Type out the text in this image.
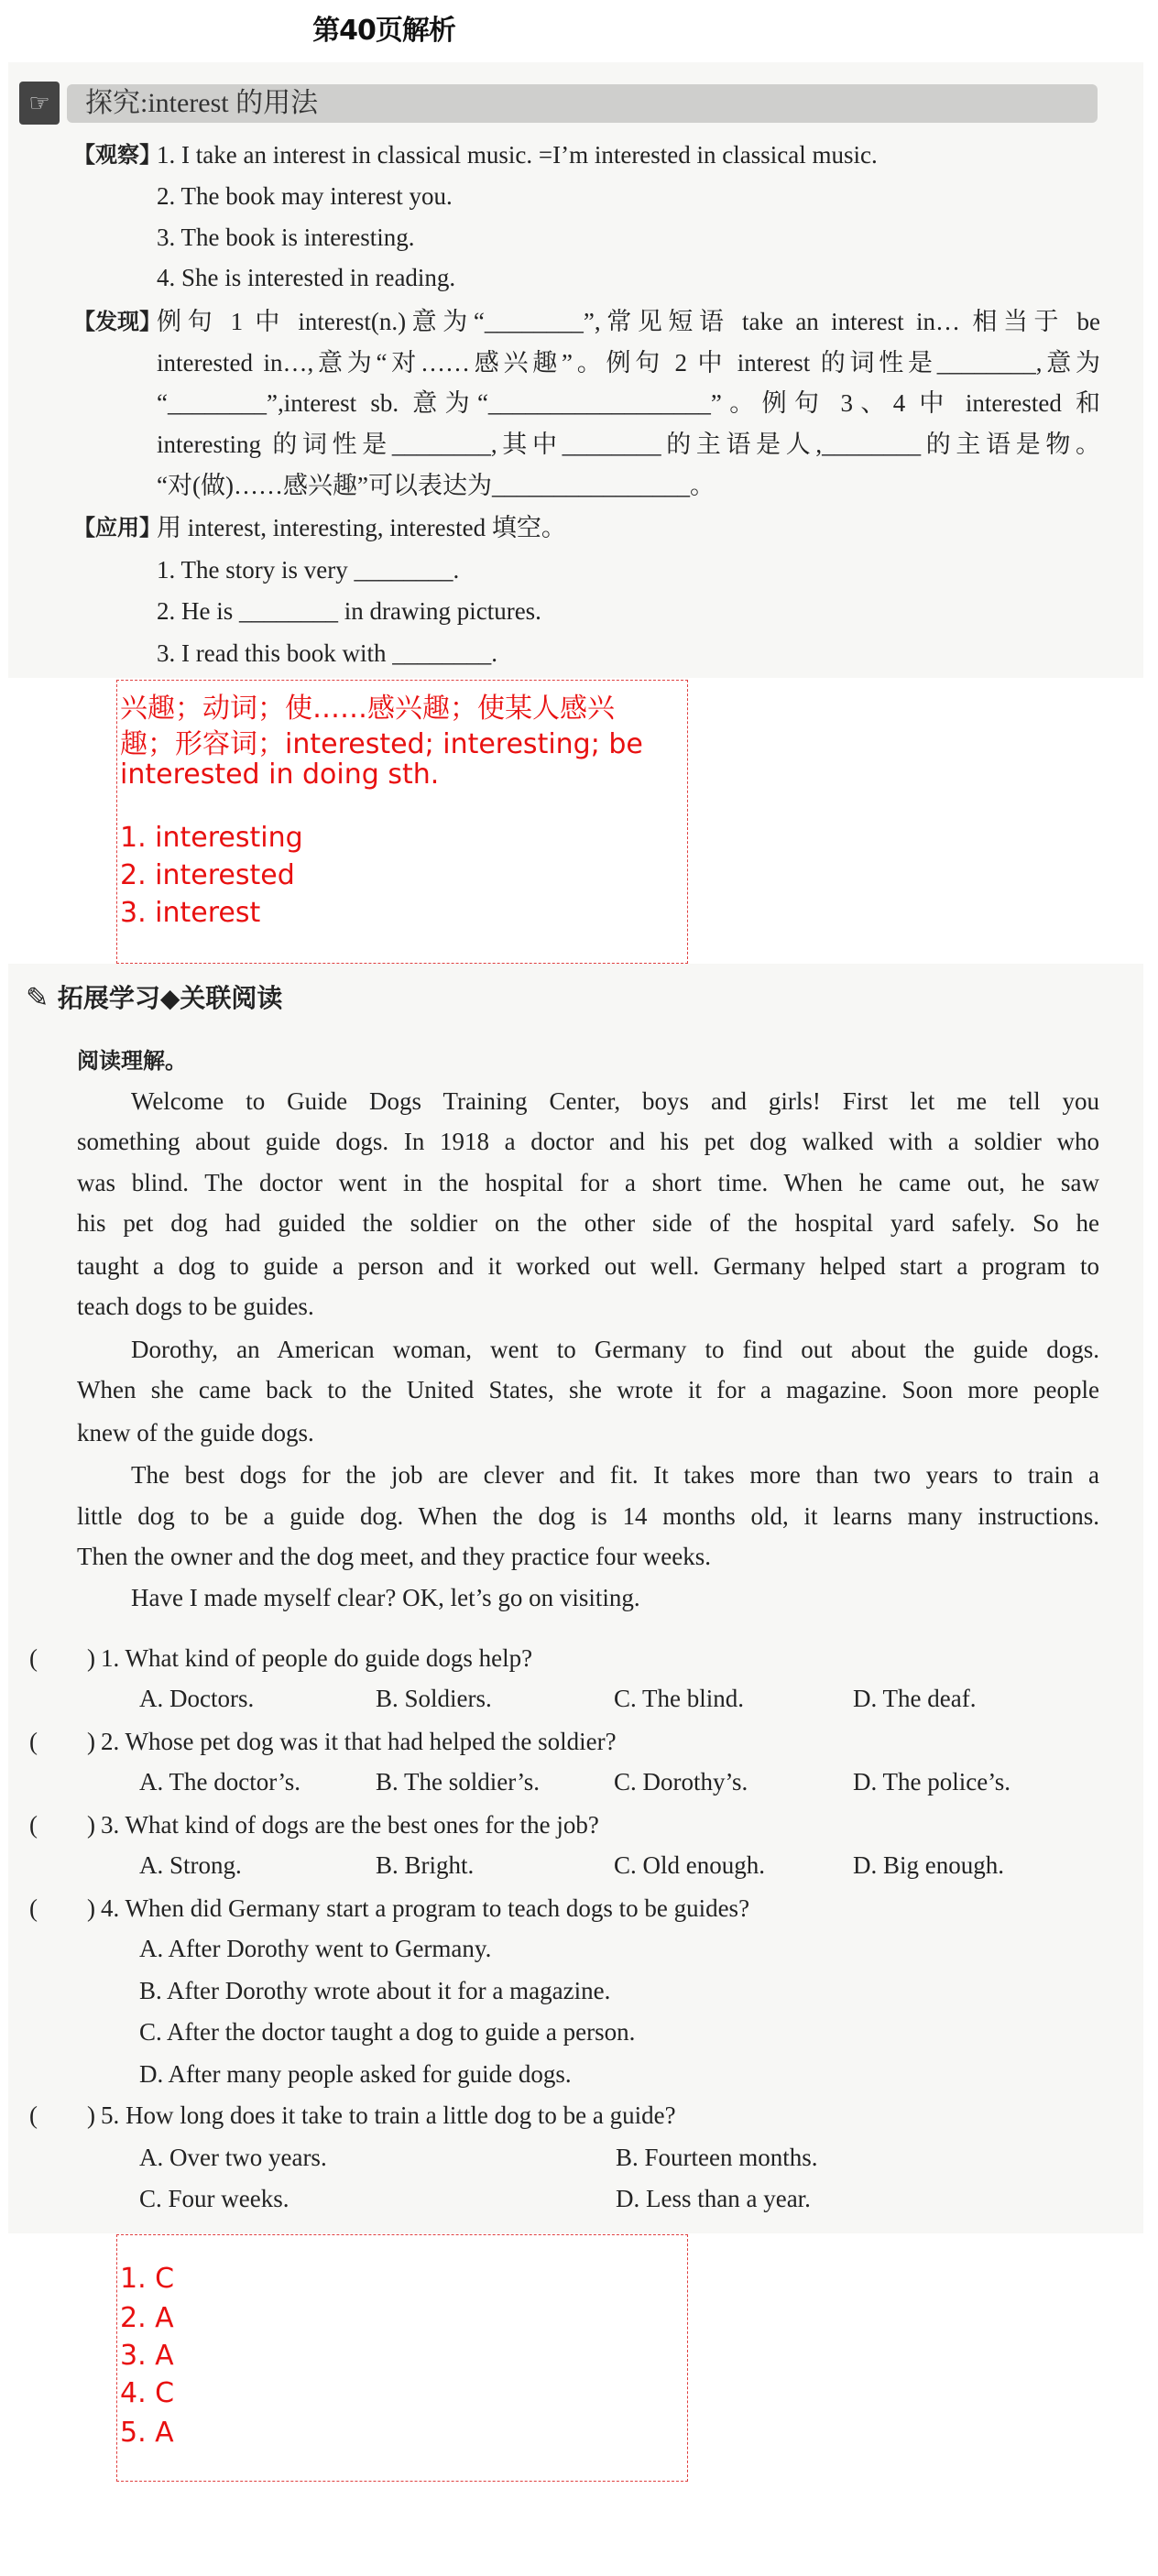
第40页解析
☞	探究:interest 的用法
【观察】
1. I take an interest in classical music. =I’m interested in classical music.
2. The book may interest you.
3. The book is interesting.
4. She is interested in reading.
【发现】
例句 1 中 interest(n.)意为“________”,常见短语 take an interest in… 相当于 be
interested in…,意为“对……感兴趣”。例句 2 中 interest 的词性是________,意为
“________”,interest sb. 意为“__________________”。例句 3、4 中 interested 和
interesting 的词性是________,其中________的主语是人,________的主语是物。
“对(做)……感兴趣”可以表达为________________。
【应用】
用 interest, interesting, interested 填空。
1. The story is very ________.
2. He is ________ in drawing pictures.
3. I read this book with ________.
兴趣；动词；使……感兴趣；使某人感兴
趣；形容词；interested; interesting; be
interested in doing sth.
1. interesting
2. interested
3. interest
✎ 拓展学习◆关联阅读
阅读理解。
Welcome to Guide Dogs Training Center, boys and girls! First let me tell you
something about guide dogs. In 1918 a doctor and his pet dog walked with a soldier who
was blind. The doctor went in the hospital for a short time. When he came out, he saw
his pet dog had guided the soldier on the other side of the hospital yard safely. So he
taught a dog to guide a person and it worked out well. Germany helped start a program to
teach dogs to be guides.
Dorothy, an American woman, went to Germany to find out about the guide dogs.
When she came back to the United States, she wrote it for a magazine. Soon more people
knew of the guide dogs.
The best dogs for the job are clever and fit. It takes more than two years to train a
little dog to be a guide dog. When the dog is 14 months old, it learns many instructions.
Then the owner and the dog meet, and they practice four weeks.
Have I made myself clear? OK, let’s go on visiting.
(　　) 1. What kind of people do guide dogs help?
A. Doctors.	B. Soldiers.	C. The blind.	D. The deaf.
(　　) 2. Whose pet dog was it that had helped the soldier?
A. The doctor’s.	B. The soldier’s.	C. Dorothy’s.	D. The police’s.
(　　) 3. What kind of dogs are the best ones for the job?
A. Strong.	B. Bright.	C. Old enough.	D. Big enough.
(　　) 4. When did Germany start a program to teach dogs to be guides?
A. After Dorothy went to Germany.
B. After Dorothy wrote about it for a magazine.
C. After the doctor taught a dog to guide a person.
D. After many people asked for guide dogs.
(　　) 5. How long does it take to train a little dog to be a guide?
A. Over two years.	B. Fourteen months.
C. Four weeks.	D. Less than a year.
1. C
2. A
3. A
4. C
5. A
